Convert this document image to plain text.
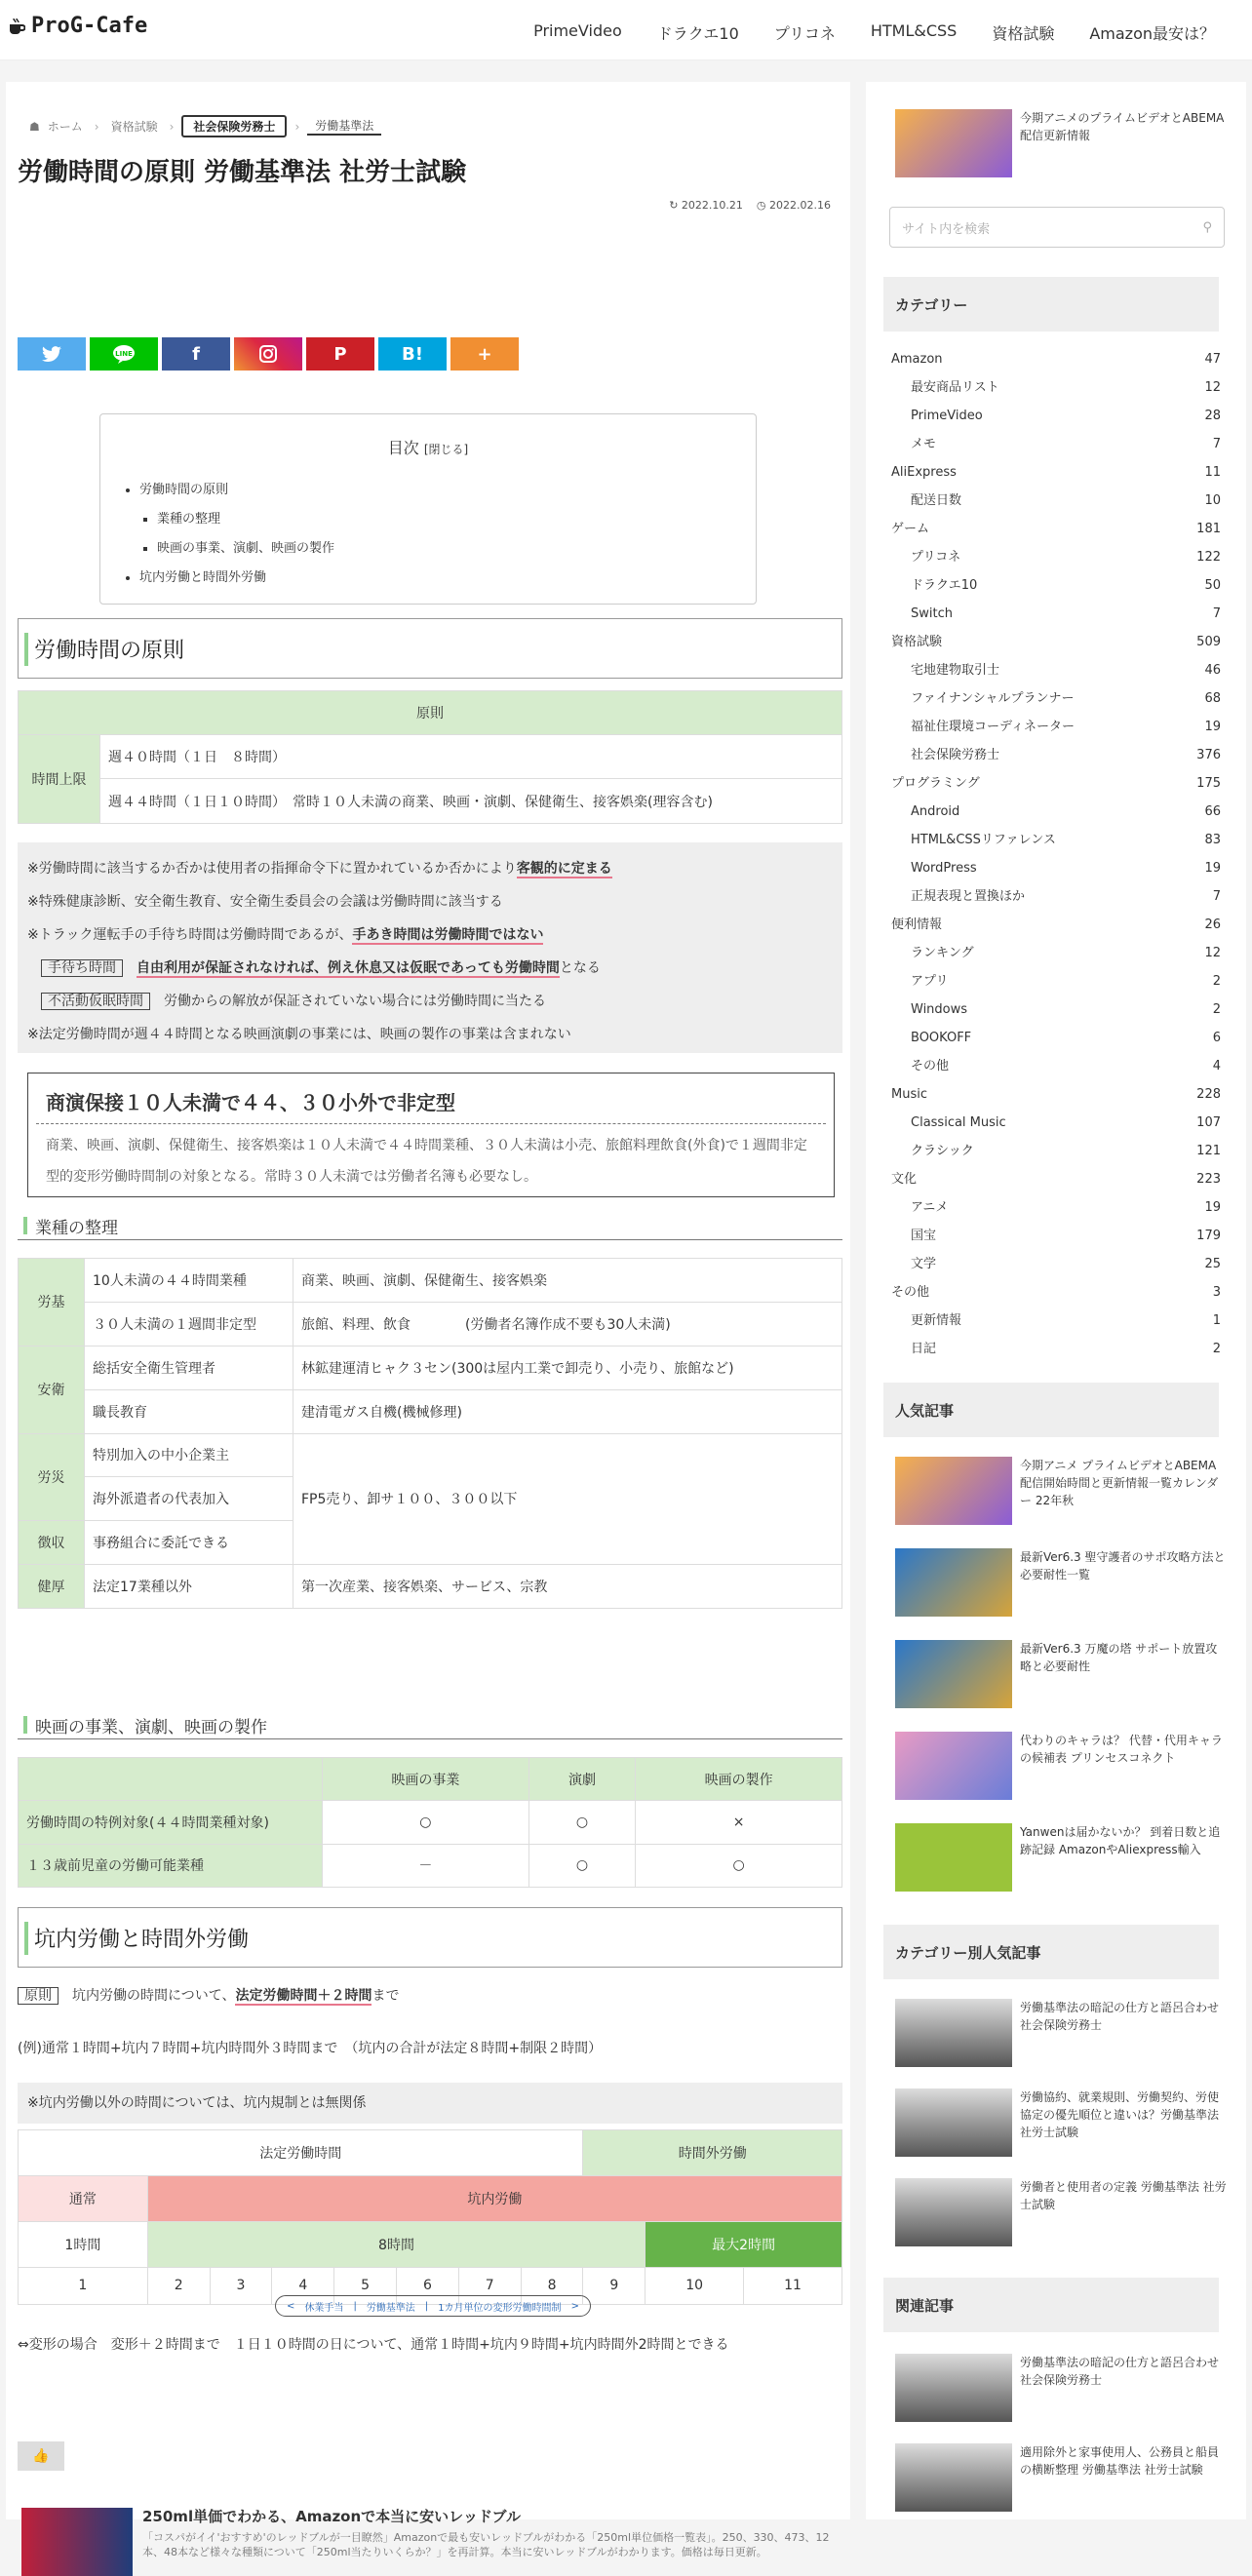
ProG-Cafe	PrimeVideo	ドラクエ10	プリコネ	HTML&CSS	資格試験	Amazon最安は？
☗ ホーム	›	資格試験	›	社会保険労務士	›	労働基準法
労働時間の原則 労働基準法 社労士試験
↻ 2022.10.21 ◷ 2022.02.16
LINE	f	P	B!	+
目次 [閉じる]
• 労働時間の原則
▪ 業種の整理
▪ 映画の事業、演劇、映画の製作
• 坑内労働と時間外労働
労働時間の原則
原則
時間上限	週４０時間（１日　８時間）
週４４時間（１日１０時間）　常時１０人未満の商業、映画・演劇、保健衛生、接客娯楽(理容含む)
※労働時間に該当するか否かは使用者の指揮命令下に置かれているか否かにより客観的に定まる
※特殊健康診断、安全衛生教育、安全衛生委員会の会議は労働時間に該当する
※トラック運転手の手待ち時間は労働時間であるが、手あき時間は労働時間ではない
　手待ち時間　 自由利用が保証されなければ、例え休息又は仮眠であっても労働時間となる
　不活動仮眠時間　 労働からの解放が保証されていない場合には労働時間に当たる
※法定労働時間が週４４時間となる映画演劇の事業には、映画の製作の事業は含まれない
商演保接１０人未満で４４、３０小外で非定型
商業、映画、演劇、保健衛生、接客娯楽は１０人未満で４４時間業種、３０人未満は小売、旅館料理飲食(外食)で１週間非定型的変形労働時間制の対象となる。常時３０人未満では労働者名簿も必要なし。
業種の整理
労基	10人未満の４４時間業種	商業、映画、演劇、保健衛生、接客娯楽
	３０人未満の１週間非定型	旅館、料理、飲食　　　　(労働者名簿作成不要も30人未満)
安衛	総括安全衛生管理者	林鉱建運清ヒャク３セン(300は屋内工業で卸売り、小売り、旅館など)
	職長教育	建清電ガス自機(機械修理)
労災	特別加入の中小企業主	FP5売り、卸サ１００、３００以下
	海外派遣者の代表加入	
徴収	事務組合に委託できる	
健厚	法定17業種以外	第一次産業、接客娯楽、サービス、宗教
映画の事業、演劇、映画の製作
	映画の事業	演劇	映画の製作
労働時間の特例対象(４４時間業種対象)	○	○	×
１３歳前児童の労働可能業種	－	○	○
坑内労働と時間外労働
原則　 坑内労働の時間について、法定労働時間＋２時間まで
(例)通常１時間+坑内７時間+坑内時間外３時間まで　（坑内の合計が法定８時間+制限２時間）
※坑内労働以外の時間については、坑内規制とは無関係
法定労働時間								時間外労働		
通常	坑内労働									
1時間	8時間								最大2時間	
1	2	3	4	5	6	7	8	9	10	11
⇔変形の場合　変形＋２時間まで　１日１０時間の日について、通常１時間+坑内９時間+坑内時間外2時間とできる
< 休業手当 | 労働基準法 | 1カ月単位の変形労働時間制 >
👍
250ml単価でわかる、Amazonで本当に安いレッドブル
「コスパがイイ'おすすめ'のレッドブルが一目瞭然」Amazonで最も安いレッドブルがわかる「250ml単位価格一覧表」。250、330、473、12本、48本など様々な種類について「250ml当たりいくらか？」を再計算。本当に安いレッドブルがわかります。価格は毎日更新。
今期アニメのプライムビデオとABEMA配信更新情報
サイト内を検索	⚲
カテゴリー
Amazon	47
最安商品リスト	12
PrimeVideo	28
メモ	7
AliExpress	11
配送日数	10
ゲーム	181
プリコネ	122
ドラクエ10	50
Switch	7
資格試験	509
宅地建物取引士	46
ファイナンシャルプランナー	68
福祉住環境コーディネーター	19
社会保険労務士	376
プログラミング	175
Android	66
HTML&CSSリファレンス	83
WordPress	19
正規表現と置換ほか	7
便利情報	26
ランキング	12
アプリ	2
Windows	2
BOOKOFF	6
その他	4
Music	228
Classical Music	107
クラシック	121
文化	223
アニメ	19
国宝	179
文学	25
その他	3
更新情報	1
日記	2
人気記事
今期アニメ プライムビデオとABEMA配信開始時間と更新情報一覧カレンダー 22年秋
最新Ver6.3 聖守護者のサポ攻略方法と必要耐性一覧
最新Ver6.3 万魔の塔 サポート放置攻略と必要耐性
代わりのキャラは？ 代替・代用キャラの候補表 プリンセスコネクト
Yanwenは届かないか？ 到着日数と追跡記録 AmazonやAliexpress輸入
カテゴリー別人気記事
労働基準法の暗記の仕方と語呂合わせ 社会保険労務士
労働協約、就業規則、労働契約、労使協定の優先順位と違いは？労働基準法 社労士試験
労働者と使用者の定義 労働基準法 社労士試験
関連記事
労働基準法の暗記の仕方と語呂合わせ 社会保険労務士
適用除外と家事使用人、公務員と船員の横断整理 労働基準法 社労士試験
